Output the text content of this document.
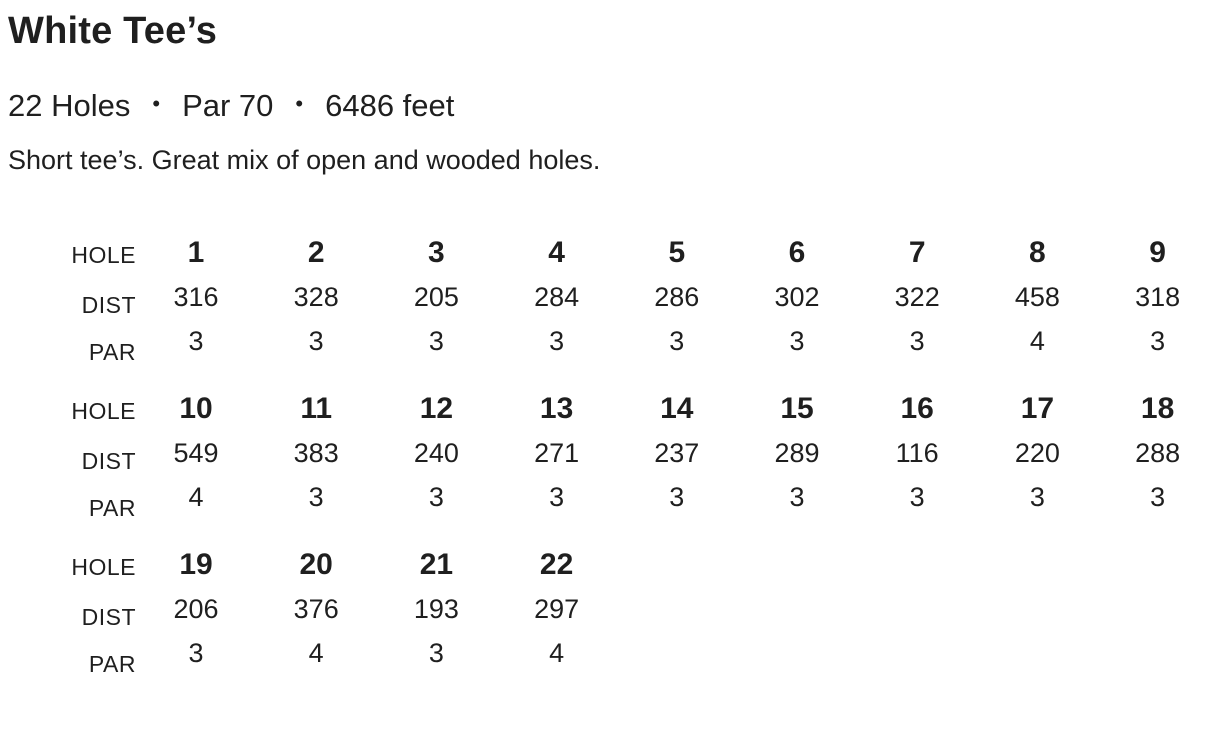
White Tee’s
22 Holes • Par 70 • 6486 feet
Short tee’s. Great mix of open and wooded holes.
HOLE	1	2	3	4	5	6	7	8	9
DIST	316	328	205	284	286	302	322	458	318
PAR	3	3	3	3	3	3	3	4	3
HOLE	10	11	12	13	14	15	16	17	18
DIST	549	383	240	271	237	289	116	220	288
PAR	4	3	3	3	3	3	3	3	3
HOLE	19	20	21	22
DIST	206	376	193	297
PAR	3	4	3	4
